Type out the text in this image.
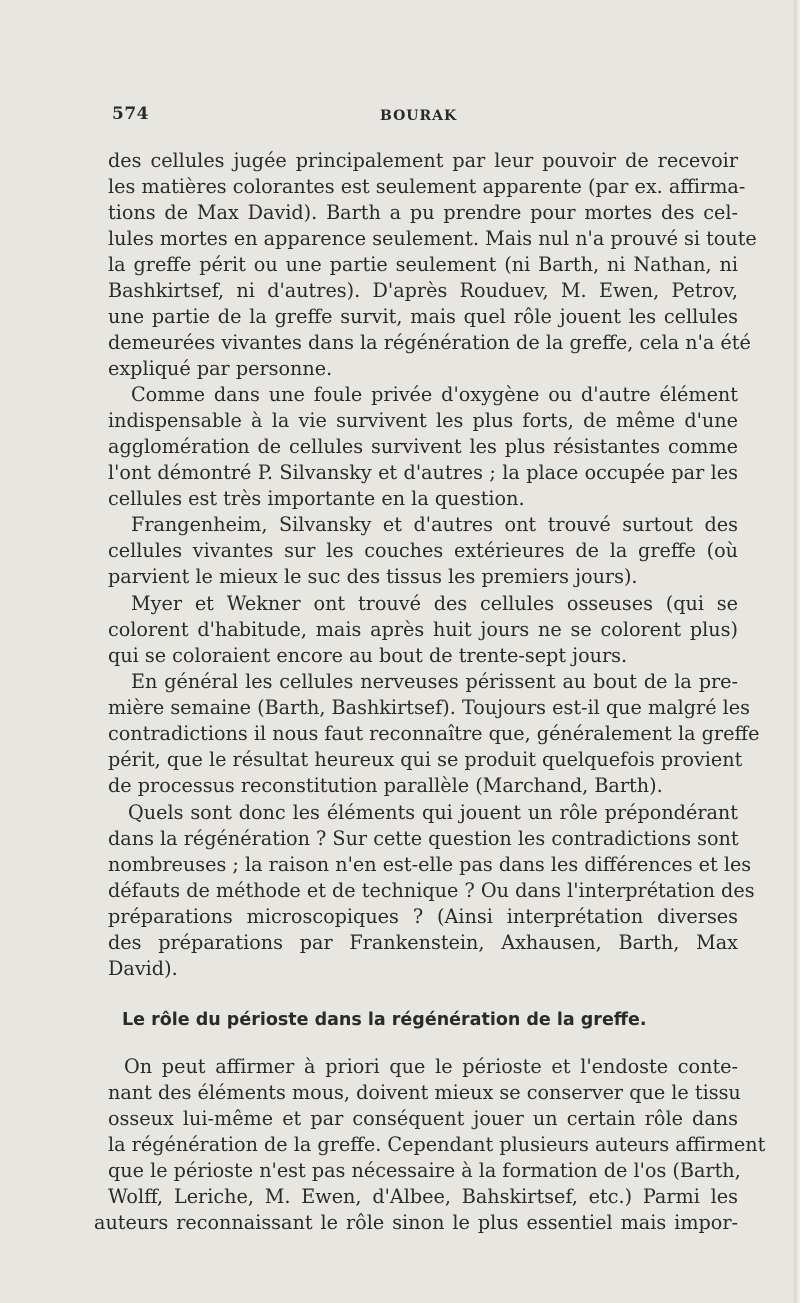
574	BOURAK
des cellules jugée principalement par leur pouvoir de recevoir
les matières colorantes est seulement apparente (par ex. affirma-
tions de Max David). Barth a pu prendre pour mortes des cel-
lules mortes en apparence seulement. Mais nul n'a prouvé si toute
la greffe périt ou une partie seulement (ni Barth, ni Nathan, ni
Bashkirtsef, ni d'autres). D'après Rouduev, M. Ewen, Petrov,
une partie de la greffe survit, mais quel rôle jouent les cellules
demeurées vivantes dans la régénération de la greffe, cela n'a été
expliqué par personne.
Comme dans une foule privée d'oxygène ou d'autre élément
indispensable à la vie survivent les plus forts, de même d'une
agglomération de cellules survivent les plus résistantes comme
l'ont démontré P. Silvansky et d'autres ; la place occupée par les
cellules est très importante en la question.
Frangenheim, Silvansky et d'autres ont trouvé surtout des
cellules vivantes sur les couches extérieures de la greffe (où
parvient le mieux le suc des tissus les premiers jours).
Myer et Wekner ont trouvé des cellules osseuses (qui se
colorent d'habitude, mais après huit jours ne se colorent plus)
qui se coloraient encore au bout de trente-sept jours.
En général les cellules nerveuses périssent au bout de la pre-
mière semaine (Barth, Bashkirtsef). Toujours est-il que malgré les
contradictions il nous faut reconnaître que, généralement la greffe
périt, que le résultat heureux qui se produit quelquefois provient
de processus reconstitution parallèle (Marchand, Barth).
Quels sont donc les éléments qui jouent un rôle prépondérant
dans la régénération ? Sur cette question les contradictions sont
nombreuses ; la raison n'en est-elle pas dans les différences et les
défauts de méthode et de technique ? Ou dans l'interprétation des
préparations microscopiques ? (Ainsi interprétation diverses
des préparations par Frankenstein, Axhausen, Barth, Max
David).
Le rôle du périoste dans la régénération de la greffe.
On peut affirmer à priori que le périoste et l'endoste conte-
nant des éléments mous, doivent mieux se conserver que le tissu
osseux lui-même et par conséquent jouer un certain rôle dans
la régénération de la greffe. Cependant plusieurs auteurs affirment
que le périoste n'est pas nécessaire à la formation de l'os (Barth,
Wolff, Leriche, M. Ewen, d'Albee, Bahskirtsef, etc.) Parmi les
auteurs reconnaissant le rôle sinon le plus essentiel mais impor-
